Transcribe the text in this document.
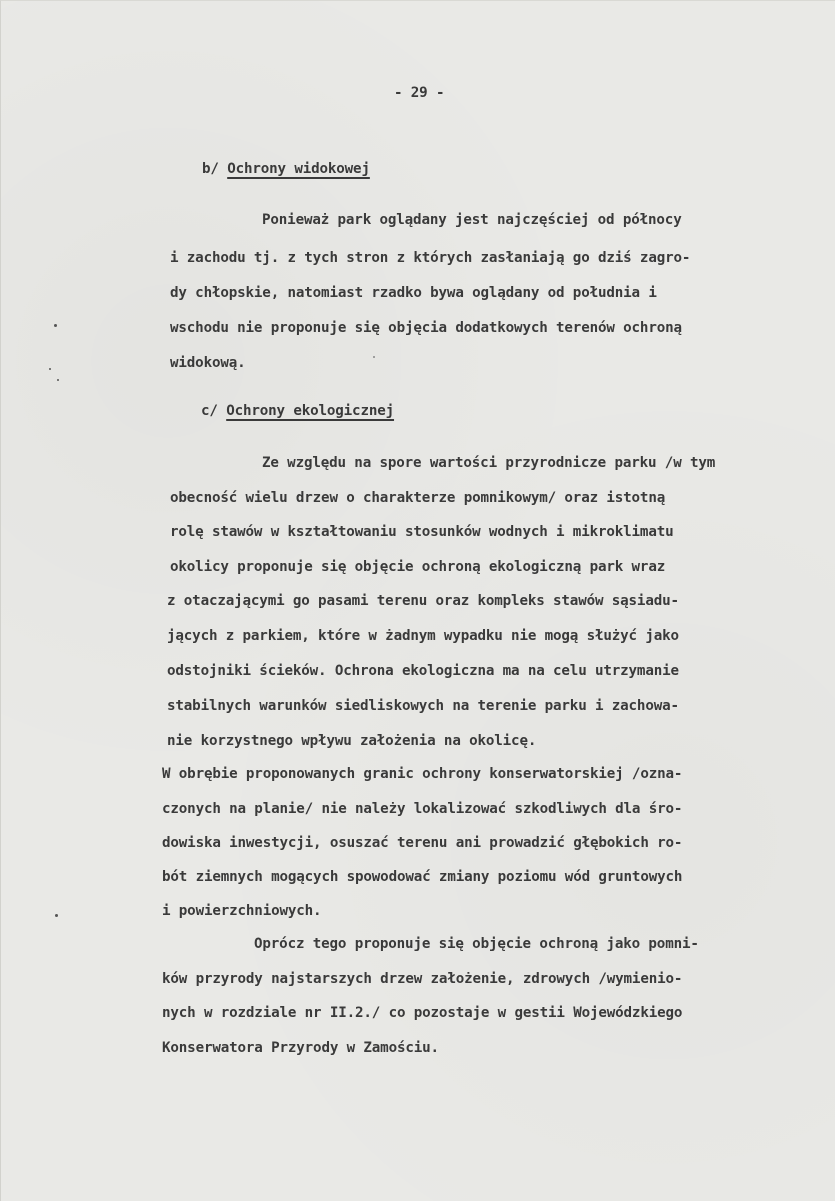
- 29 -
b/ Ochrony widokowej
Ponieważ park oglądany jest najczęściej od północy
i zachodu tj. z tych stron z których zasłaniają go dziś zagro-
dy chłopskie, natomiast rzadko bywa oglądany od południa i
wschodu nie proponuje się objęcia dodatkowych terenów ochroną
widokową.
c/ Ochrony ekologicznej
Ze względu na spore wartości przyrodnicze parku /w tym
obecność wielu drzew o charakterze pomnikowym/ oraz istotną
rolę stawów w kształtowaniu stosunków wodnych i mikroklimatu
okolicy proponuje się objęcie ochroną ekologiczną park wraz
z otaczającymi go pasami terenu oraz kompleks stawów sąsiadu-
jących z parkiem, które w żadnym wypadku nie mogą służyć jako
odstojniki ścieków. Ochrona ekologiczna ma na celu utrzymanie
stabilnych warunków siedliskowych na terenie parku i zachowa-
nie korzystnego wpływu założenia na okolicę.
W obrębie proponowanych granic ochrony konserwatorskiej /ozna-
czonych na planie/ nie należy lokalizować szkodliwych dla śro-
dowiska inwestycji, osuszać terenu ani prowadzić głębokich ro-
bót ziemnych mogących spowodować zmiany poziomu wód gruntowych
i powierzchniowych.
Oprócz tego proponuje się objęcie ochroną jako pomni-
ków przyrody najstarszych drzew założenie, zdrowych /wymienio-
nych w rozdziale nr II.2./ co pozostaje w gestii Wojewódzkiego
Konserwatora Przyrody w Zamościu.
